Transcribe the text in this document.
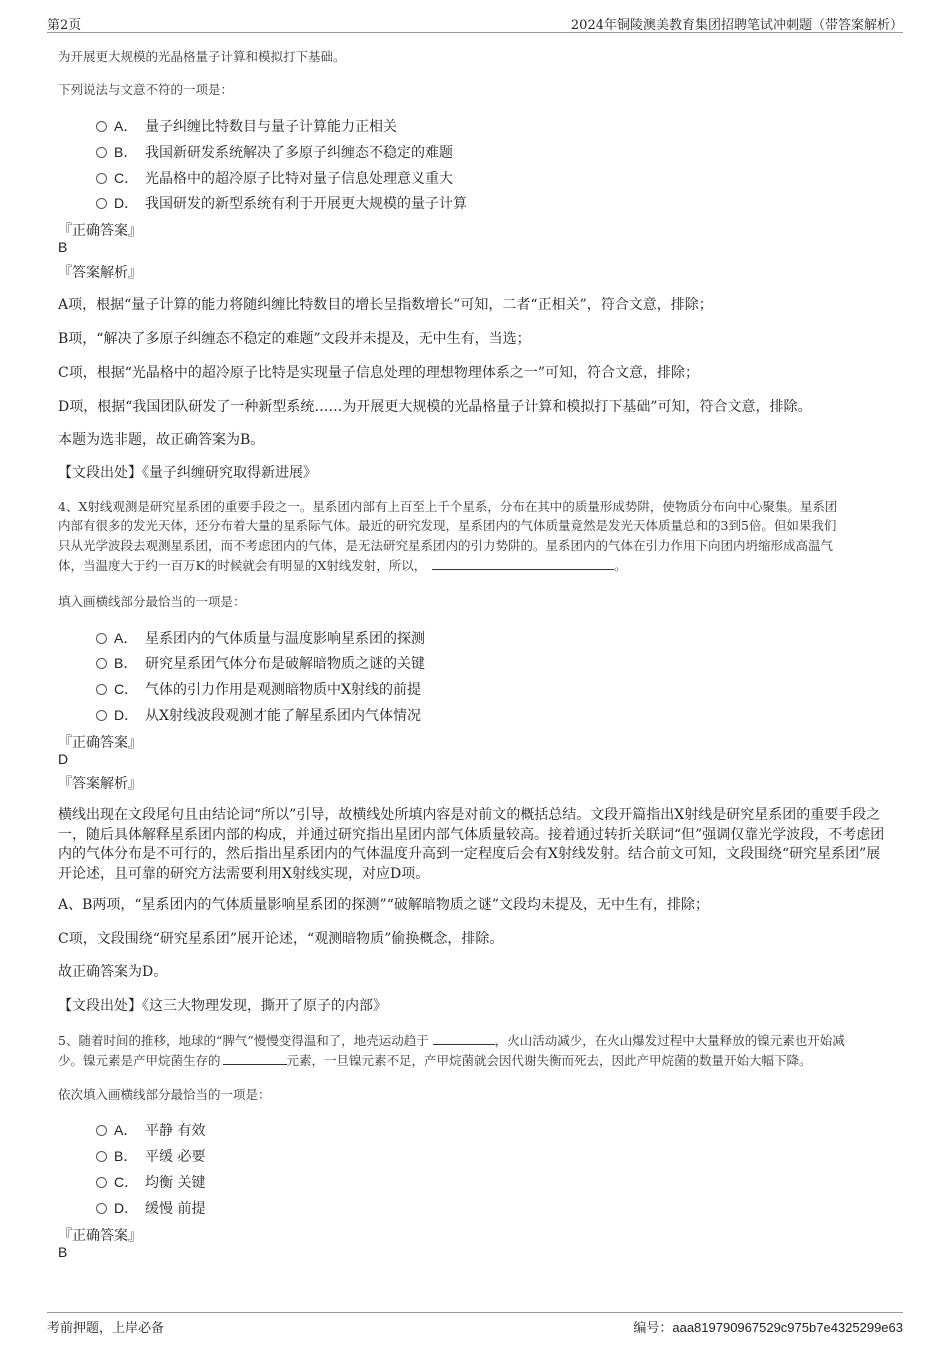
第2页	2024年铜陵澳美教育集团招聘笔试冲刺题（带答案解析）
为开展更大规模的光晶格量子计算和模拟打下基础。
下列说法与文意不符的一项是：
A． 量子纠缠比特数目与量子计算能力正相关
B． 我国新研发系统解决了多原子纠缠态不稳定的难题
C． 光晶格中的超冷原子比特对量子信息处理意义重大
D． 我国研发的新型系统有利于开展更大规模的量子计算
『正确答案』
B
『答案解析』
A项，根据“量子计算的能力将随纠缠比特数目的增长呈指数增长”可知，二者“正相关”，符合文意，排除；
B项，“解决了多原子纠缠态不稳定的难题”文段并未提及，无中生有，当选；
C项，根据“光晶格中的超冷原子比特是实现量子信息处理的理想物理体系之一”可知，符合文意，排除；
D项，根据“我国团队研发了一种新型系统……为开展更大规模的光晶格量子计算和模拟打下基础”可知，符合文意，排除。
本题为选非题，故正确答案为B。
【文段出处】《量子纠缠研究取得新进展》
4、X射线观测是研究星系团的重要手段之一。星系团内部有上百至上千个星系，分布在其中的质量形成势阱，使物质分布向中心聚集。星系团
内部有很多的发光天体，还分布着大量的星系际气体。最近的研究发现，星系团内的气体质量竟然是发光天体质量总和的3到5倍。但如果我们
只从光学波段去观测星系团，而不考虑团内的气体，是无法研究星系团内的引力势阱的。星系团内的气体在引力作用下向团内坍缩形成高温气
体，当温度大于约一百万K的时候就会有明显的X射线发射，所以，	。
填入画横线部分最恰当的一项是：
A． 星系团内的气体质量与温度影响星系团的探测
B． 研究星系团气体分布是破解暗物质之谜的关键
C． 气体的引力作用是观测暗物质中X射线的前提
D． 从X射线波段观测才能了解星系团内气体情况
『正确答案』
D
『答案解析』
横线出现在文段尾句且由结论词“所以”引导，故横线处所填内容是对前文的概括总结。文段开篇指出X射线是研究星系团的重要手段之一，随后具体解释星系团内部的构成，并通过研究指出星团内部气体质量较高。接着通过转折关联词“但”强调仅靠光学波段，不考虑团内的气体分布是不可行的，然后指出星系团内的气体温度升高到一定程度后会有X射线发射。结合前文可知，文段围绕“研究星系团”展开论述，且可靠的研究方法需要利用X射线实现，对应D项。
A、B两项，“星系团内的气体质量影响星系团的探测”“破解暗物质之谜”文段均未提及，无中生有，排除；
C项，文段围绕“研究星系团”展开论述，“观测暗物质”偷换概念，排除。
故正确答案为D。
【文段出处】《这三大物理发现，撕开了原子的内部》
5、随着时间的推移，地球的“脾气”慢慢变得温和了，地壳运动趋于	，火山活动减少，在火山爆发过程中大量释放的镍元素也开始减
少。镍元素是产甲烷菌生存的	元素，一旦镍元素不足，产甲烷菌就会因代谢失衡而死去，因此产甲烷菌的数量开始大幅下降。
依次填入画横线部分最恰当的一项是：
A． 平静 有效
B． 平缓 必要
C． 均衡 关键
D． 缓慢 前提
『正确答案』
B
考前押题，上岸必备	编号：aaa819790967529c975b7e4325299e63
